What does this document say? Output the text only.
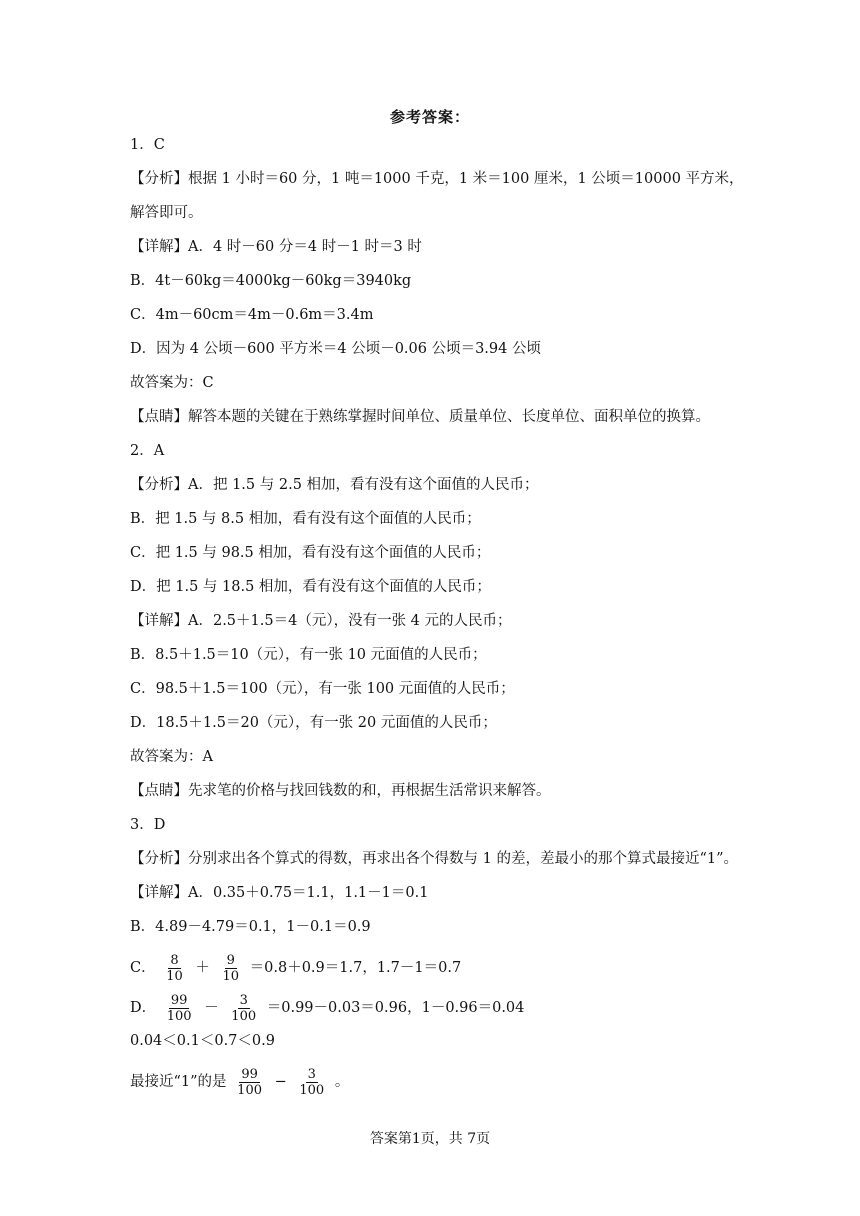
参考答案：
1．C
【分析】根据 1 小时＝60 分，1 吨＝1000 千克，1 米＝100 厘米，1 公顷＝10000 平方米，
解答即可。
【详解】A．4 时－60 分＝4 时－1 时＝3 时
B．4t－60kg＝4000kg－60kg＝3940kg
C．4m－60cm＝4m－0.6m＝3.4m
D．因为 4 公顷－600 平方米＝4 公顷－0.06 公顷＝3.94 公顷
故答案为：C
【点睛】解答本题的关键在于熟练掌握时间单位、质量单位、长度单位、面积单位的换算。
2．A
【分析】A．把 1.5 与 2.5 相加，看有没有这个面值的人民币；
B．把 1.5 与 8.5 相加，看有没有这个面值的人民币；
C．把 1.5 与 98.5 相加，看有没有这个面值的人民币；
D．把 1.5 与 18.5 相加，看有没有这个面值的人民币；
【详解】A．2.5＋1.5＝4（元），没有一张 4 元的人民币；
B．8.5＋1.5＝10（元），有一张 10 元面值的人民币；
C．98.5＋1.5＝100（元），有一张 100 元面值的人民币；
D．18.5＋1.5＝20（元），有一张 20 元面值的人民币；
故答案为：A
【点睛】先求笔的价格与找回钱数的和，再根据生活常识来解答。
3．D
【分析】分别求出各个算式的得数，再求出各个得数与 1 的差，差最小的那个算式最接近“1”。
【详解】A．0.35＋0.75＝1.1，1.1－1＝0.1
B．4.89－4.79＝0.1，1－0.1＝0.9
C． $\frac{8}{10} + \frac{9}{10} =0.8+0.9=1.7$，1.7－1＝0.7
D． $\frac{99}{100} - \frac{3}{100} =0.99-0.03=0.96$，1－0.96＝0.04
0.04＜0.1＜0.7＜0.9
最接近“1”的是 $\frac{99}{100} - \frac{3}{100}$ 。
答案第1页，共 7页
